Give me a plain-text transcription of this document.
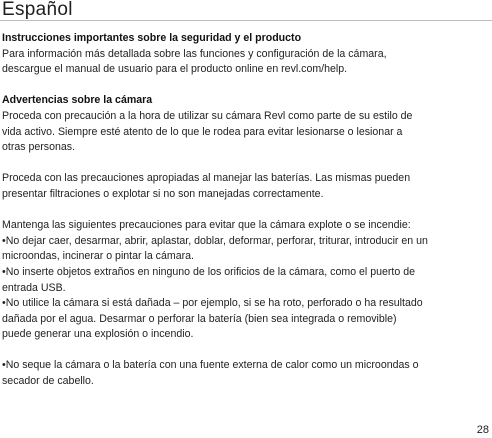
Español
Instrucciones importantes sobre la seguridad y el producto

Para información más detallada sobre las funciones y configuración de la cámara,

descargue el manual de usuario para el producto online en revl.com/help.

Advertencias sobre la cámara

Proceda con precaución a la hora de utilizar su cámara Revl como parte de su estilo de

vida activo. Siempre esté atento de lo que le rodea para evitar lesionarse o lesionar a

otras personas.

Proceda con las precauciones apropiadas al manejar las baterías. Las mismas pueden

presentar filtraciones o explotar si no son manejadas correctamente.

Mantenga las siguientes precauciones para evitar que la cámara explote o se incendie:

•No dejar caer, desarmar, abrir, aplastar, doblar, deformar, perforar, triturar, introducir en un

microondas, incinerar o pintar la cámara.

•No inserte objetos extraños en ninguno de los orificios de la cámara, como el puerto de

entrada USB.

•No utilice la cámara si está dañada – por ejemplo, si se ha roto, perforado o ha resultado

dañada por el agua. Desarmar o perforar la batería (bien sea integrada o removible)

puede generar una explosión o incendio.

•No seque la cámara o la batería con una fuente externa de calor como un microondas o

secador de cabello.

28
